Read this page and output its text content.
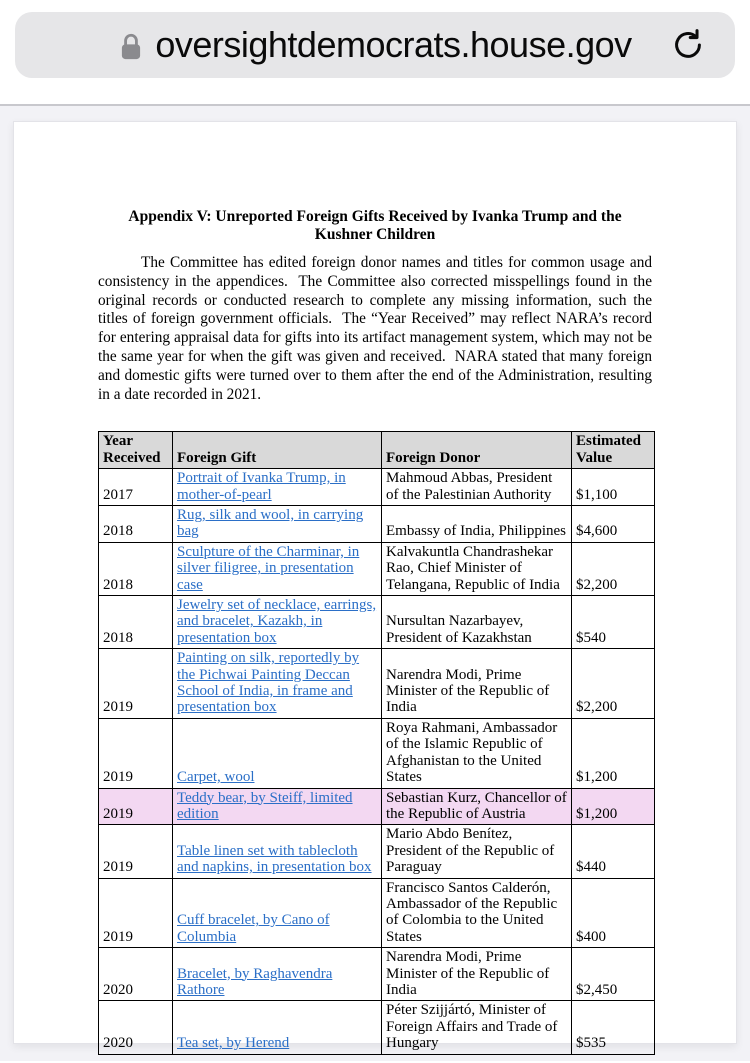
oversightdemocrats.house.gov
Appendix V: Unreported Foreign Gifts Received by Ivanka Trump and the Kushner Children

The Committee has edited foreign donor names and titles for common usage and consistency in the appendices.  The Committee also corrected misspellings found in the original records or conducted research to complete any missing information, such the titles of foreign government officials.  The “Year Received” may reflect NARA’s record for entering appraisal data for gifts into its artifact management system, which may not be the same year for when the gift was given and received.  NARA stated that many foreign and domestic gifts were turned over to them after the end of the Administration, resulting in a date recorded in 2021.

Year Received	Foreign Gift	Foreign Donor	Estimated Value
2017	Portrait of Ivanka Trump, in mother-of-pearl	Mahmoud Abbas, President of the Palestinian Authority	$1,100
2018	Rug, silk and wool, in carrying bag	Embassy of India, Philippines	$4,600
2018	Sculpture of the Charminar, in silver filigree, in presentation case	Kalvakuntla Chandrashekar Rao, Chief Minister of Telangana, Republic of India	$2,200
2018	Jewelry set of necklace, earrings, and bracelet, Kazakh, in presentation box	Nursultan Nazarbayev, President of Kazakhstan	$540
2019	Painting on silk, reportedly by the Pichwai Painting Deccan School of India, in frame and presentation box	Narendra Modi, Prime Minister of the Republic of India	$2,200
2019	Carpet, wool	Roya Rahmani, Ambassador of the Islamic Republic of Afghanistan to the United States	$1,200
2019	Teddy bear, by Steiff, limited edition	Sebastian Kurz, Chancellor of the Republic of Austria	$1,200
2019	Table linen set with tablecloth and napkins, in presentation box	Mario Abdo Benítez, President of the Republic of Paraguay	$440
2019	Cuff bracelet, by Cano of Columbia	Francisco Santos Calderón, Ambassador of the Republic of Colombia to the United States	$400
2020	Bracelet, by Raghavendra Rathore	Narendra Modi, Prime Minister of the Republic of India	$2,450
2020	Tea set, by Herend	Péter Szijjártó, Minister of Foreign Affairs and Trade of Hungary	$535
